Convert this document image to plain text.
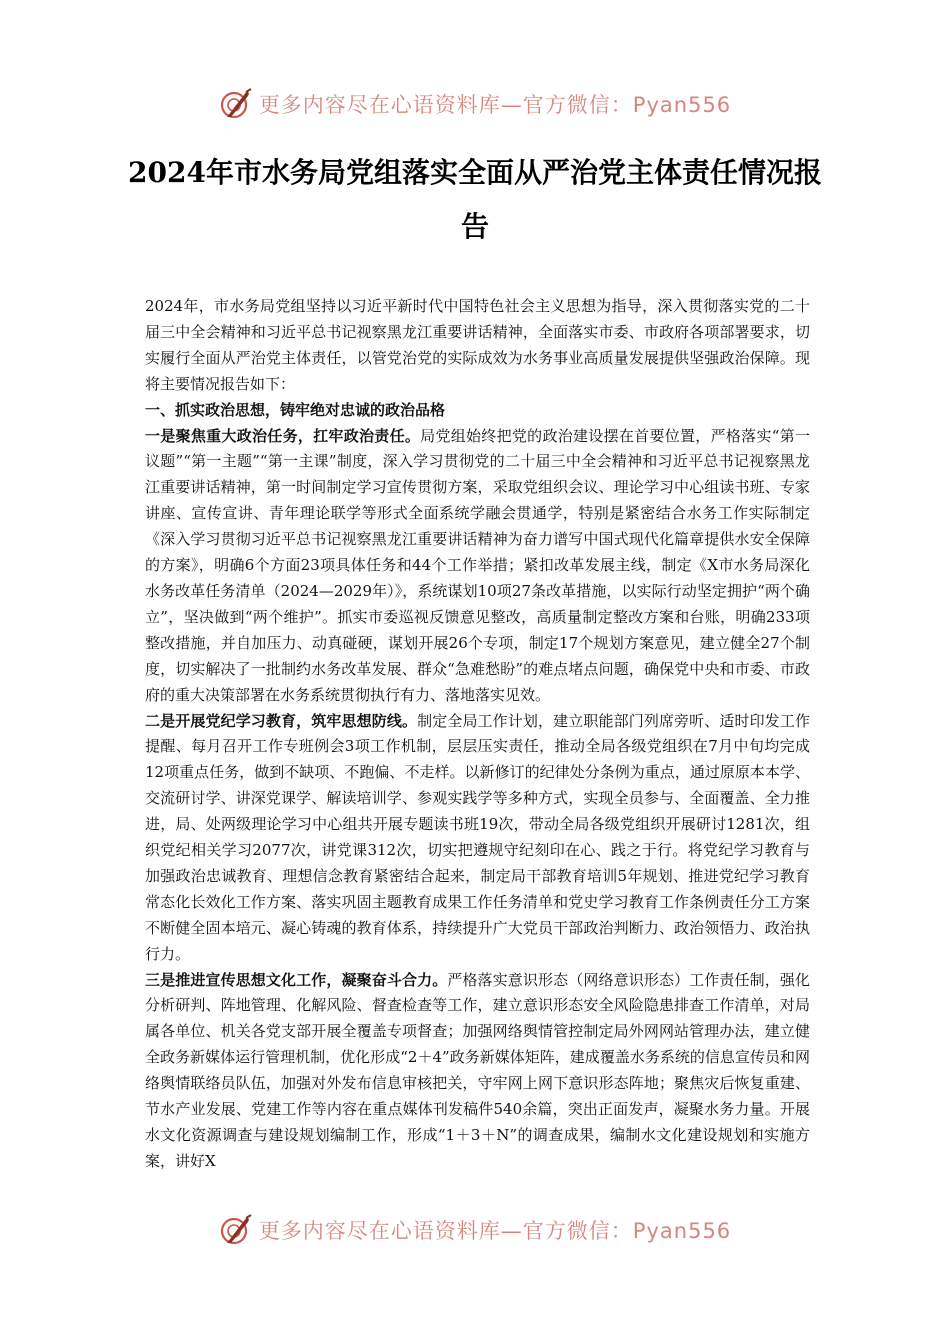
更多内容尽在心语资料库—官方微信：Pyan556
2024年市水务局党组落实全面从严治党主体责任情况报告

2024年，市水务局党组坚持以习近平新时代中国特色社会主义思想为指导，深入贯彻落实党的二十届三中全会精神和习近平总书记视察黑龙江重要讲话精神，全面落实市委、市政府各项部署要求，切实履行全面从严治党主体责任，以管党治党的实际成效为水务事业高质量发展提供坚强政治保障。现将主要情况报告如下：

一、抓实政治思想，铸牢绝对忠诚的政治品格

一是聚焦重大政治任务，扛牢政治责任。局党组始终把党的政治建设摆在首要位置，严格落实“第一议题”“第一主题”“第一主课”制度，深入学习贯彻党的二十届三中全会精神和习近平总书记视察黑龙江重要讲话精神，第一时间制定学习宣传贯彻方案，采取党组织会议、理论学习中心组读书班、专家讲座、宣传宣讲、青年理论联学等形式全面系统学融会贯通学，特别是紧密结合水务工作实际制定《深入学习贯彻习近平总书记视察黑龙江重要讲话精神为奋力谱写中国式现代化篇章提供水安全保障的方案》，明确6个方面23项具体任务和44个工作举措；紧扣改革发展主线，制定《X市水务局深化水务改革任务清单（2024—2029年）》，系统谋划10项27条改革措施，以实际行动坚定拥护“两个确立”，坚决做到“两个维护”。抓实市委巡视反馈意见整改，高质量制定整改方案和台账，明确233项整改措施，并自加压力、动真碰硬，谋划开展26个专项，制定17个规划方案意见，建立健全27个制度，切实解决了一批制约水务改革发展、群众“急难愁盼”的难点堵点问题，确保党中央和市委、市政府的重大决策部署在水务系统贯彻执行有力、落地落实见效。

二是开展党纪学习教育，筑牢思想防线。制定全局工作计划，建立职能部门列席旁听、适时印发工作提醒、每月召开工作专班例会3项工作机制，层层压实责任，推动全局各级党组织在7月中旬均完成12项重点任务，做到不缺项、不跑偏、不走样。以新修订的纪律处分条例为重点，通过原原本本学、交流研讨学、讲深党课学、解读培训学、参观实践学等多种方式，实现全员参与、全面覆盖、全力推进，局、处两级理论学习中心组共开展专题读书班19次，带动全局各级党组织开展研讨1281次，组织党纪相关学习2077次，讲党课312次，切实把遵规守纪刻印在心、践之于行。将党纪学习教育与加强政治忠诚教育、理想信念教育紧密结合起来，制定局干部教育培训5年规划、推进党纪学习教育常态化长效化工作方案、落实巩固主题教育成果工作任务清单和党史学习教育工作条例责任分工方案不断健全固本培元、凝心铸魂的教育体系，持续提升广大党员干部政治判断力、政治领悟力、政治执行力。

三是推进宣传思想文化工作，凝聚奋斗合力。严格落实意识形态（网络意识形态）工作责任制，强化分析研判、阵地管理、化解风险、督查检查等工作，建立意识形态安全风险隐患排查工作清单，对局属各单位、机关各党支部开展全覆盖专项督查；加强网络舆情管控制定局外网网站管理办法，建立健全政务新媒体运行管理机制，优化形成“2＋4”政务新媒体矩阵，建成覆盖水务系统的信息宣传员和网络舆情联络员队伍，加强对外发布信息审核把关，守牢网上网下意识形态阵地；聚焦灾后恢复重建、节水产业发展、党建工作等内容在重点媒体刊发稿件540余篇，突出正面发声，凝聚水务力量。开展水文化资源调查与建设规划编制工作，形成“1＋3＋N”的调查成果，编制水文化建设规划和实施方案，讲好X

更多内容尽在心语资料库—官方微信：Pyan556
